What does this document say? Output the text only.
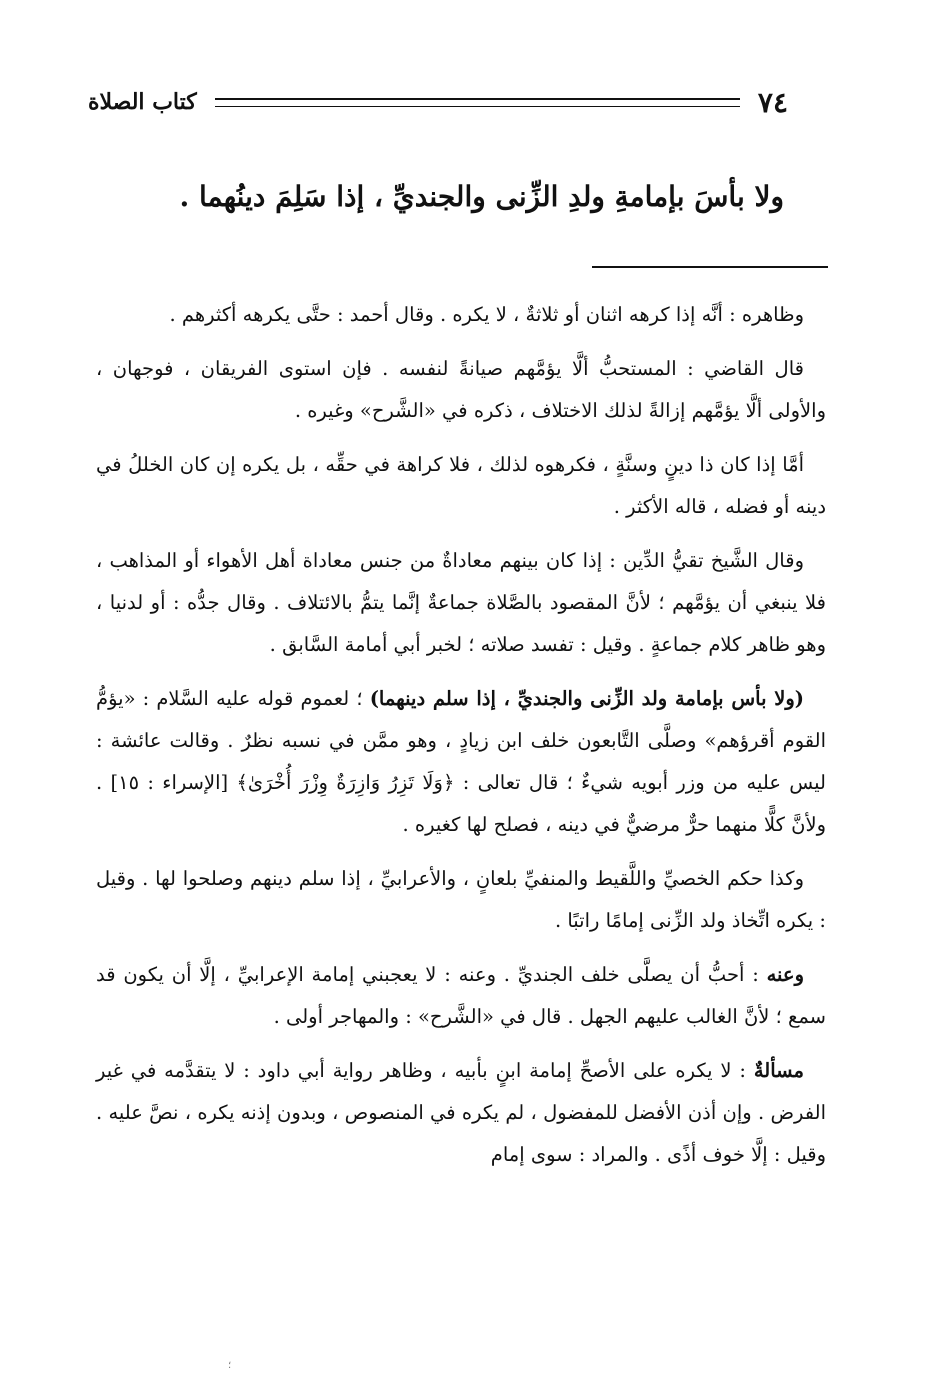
٧٤
كتاب الصلاة

ولا بأسَ بإمامةِ ولدِ الزِّنى والجنديِّ ، إذا سَلِمَ دينُهما .

وظاهره : أنَّه إذا كرهه اثنان أو ثلاثةٌ ، لا يكره . وقال أحمد : حتَّى يكرهه أكثرهم .

قال القاضي : المستحبُّ ألَّا يؤمَّهم صيانةً لنفسه . فإن استوى الفريقان ، فوجهان ، والأولى ألَّا يؤمَّهم إزالةً لذلك الاختلاف ، ذكره في «الشَّرح» وغيره .

أمَّا إذا كان ذا دينٍ وسنَّةٍ ، فكرهوه لذلك ، فلا كراهة في حقِّه ، بل يكره إن كان الخللُ في دينه أو فضله ، قاله الأكثر .

وقال الشَّيخ تقيُّ الدِّين : إذا كان بينهم معاداةٌ من جنس معاداة أهل الأهواء أو المذاهب ، فلا ينبغي أن يؤمَّهم ؛ لأنَّ المقصود بالصَّلاة جماعةٌ إنَّما يتمُّ بالائتلاف . وقال جدُّه : أو لدنيا ، وهو ظاهر كلام جماعةٍ . وقيل : تفسد صلاته ؛ لخبر أبي أمامة السَّابق .

(ولا بأس بإمامة ولد الزِّنى والجنديِّ ، إذا سلم دينهما) ؛ لعموم قوله عليه السَّلام : «يؤمُّ القوم أقرؤهم» وصلَّى التَّابعون خلف ابن زيادٍ ، وهو ممَّن في نسبه نظرٌ . وقالت عائشة : ليس عليه من وزر أبويه شيءٌ ؛ قال تعالى : ﴿وَلَا تَزِرُ وَازِرَةٌ وِزْرَ أُخْرَىٰ﴾ [الإسراء : ١٥] . ولأنَّ كلًّا منهما حرٌّ مرضيٌّ في دينه ، فصلح لها كغيره .

وكذا حكم الخصيِّ واللَّقيط والمنفيِّ بلعانٍ ، والأعرابيِّ ، إذا سلم دينهم وصلحوا لها . وقيل : يكره اتِّخاذ ولد الزِّنى إمامًا راتبًا .

وعنه : أحبُّ أن يصلَّى خلف الجنديِّ . وعنه : لا يعجبني إمامة الإعرابيِّ ، إلَّا أن يكون قد سمع ؛ لأنَّ الغالب عليهم الجهل . قال في «الشَّرح» : والمهاجر أولى .

مسألةٌ : لا يكره على الأصحِّ إمامة ابنٍ بأبيه ، وظاهر رواية أبي داود : لا يتقدَّمه في غير الفرض . وإن أذن الأفضل للمفضول ، لم يكره في المنصوص ، وبدون إذنه يكره ، نصَّ عليه . وقيل : إلَّا خوف أذًى . والمراد : سوى إمام

؛
